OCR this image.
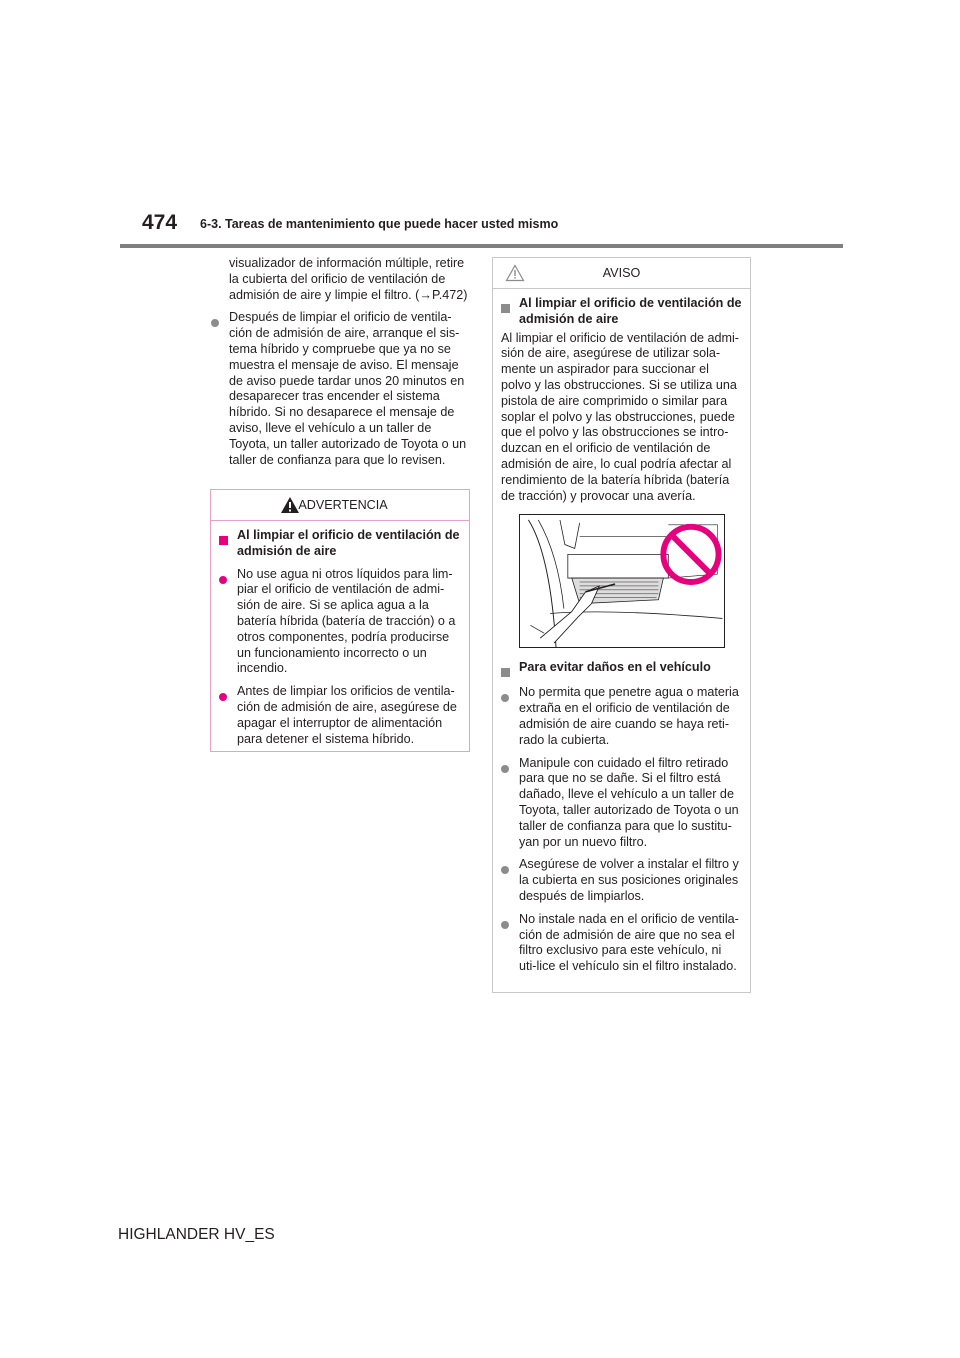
474 6-3. Tareas de mantenimiento que puede hacer usted mismo

visualizador de información múltiple, retire la cubierta del orificio de ventilación de admisión de aire y limpie el filtro. (→P.472)

Después de limpiar el orificio de ventila-ción de admisión de aire, arranque el sis-tema híbrido y compruebe que ya no se muestra el mensaje de aviso. El mensaje de aviso puede tardar unos 20 minutos en desaparecer tras encender el sistema híbrido. Si no desaparece el mensaje de aviso, lleve el vehículo a un taller de Toyota, un taller autorizado de Toyota o un taller de confianza para que lo revisen.

ADVERTENCIA

Al limpiar el orificio de ventilación de admisión de aire

No use agua ni otros líquidos para lim-piar el orificio de ventilación de admi-sión de aire. Si se aplica agua a la batería híbrida (batería de tracción) o a otros componentes, podría producirse un funcionamiento incorrecto o un incendio.

Antes de limpiar los orificios de ventila-ción de admisión de aire, asegúrese de apagar el interruptor de alimentación para detener el sistema híbrido.

AVISO

Al limpiar el orificio de ventilación de admisión de aire

Al limpiar el orificio de ventilación de admi-sión de aire, asegúrese de utilizar sola-mente un aspirador para succionar el polvo y las obstrucciones. Si se utiliza una pistola de aire comprimido o similar para soplar el polvo y las obstrucciones, puede que el polvo y las obstrucciones se intro-duzcan en el orificio de ventilación de admisión de aire, lo cual podría afectar al rendimiento de la batería híbrida (batería de tracción) y provocar una avería.

Para evitar daños en el vehículo

No permita que penetre agua o materia extraña en el orificio de ventilación de admisión de aire cuando se haya reti-rado la cubierta.

Manipule con cuidado el filtro retirado para que no se dañe. Si el filtro está dañado, lleve el vehículo a un taller de Toyota, taller autorizado de Toyota o un taller de confianza para que lo sustitu-yan por un nuevo filtro.

Asegúrese de volver a instalar el filtro y la cubierta en sus posiciones originales después de limpiarlos.

No instale nada en el orificio de ventila-ción de admisión de aire que no sea el filtro exclusivo para este vehículo, ni uti-lice el vehículo sin el filtro instalado.

HIGHLANDER HV_ES
